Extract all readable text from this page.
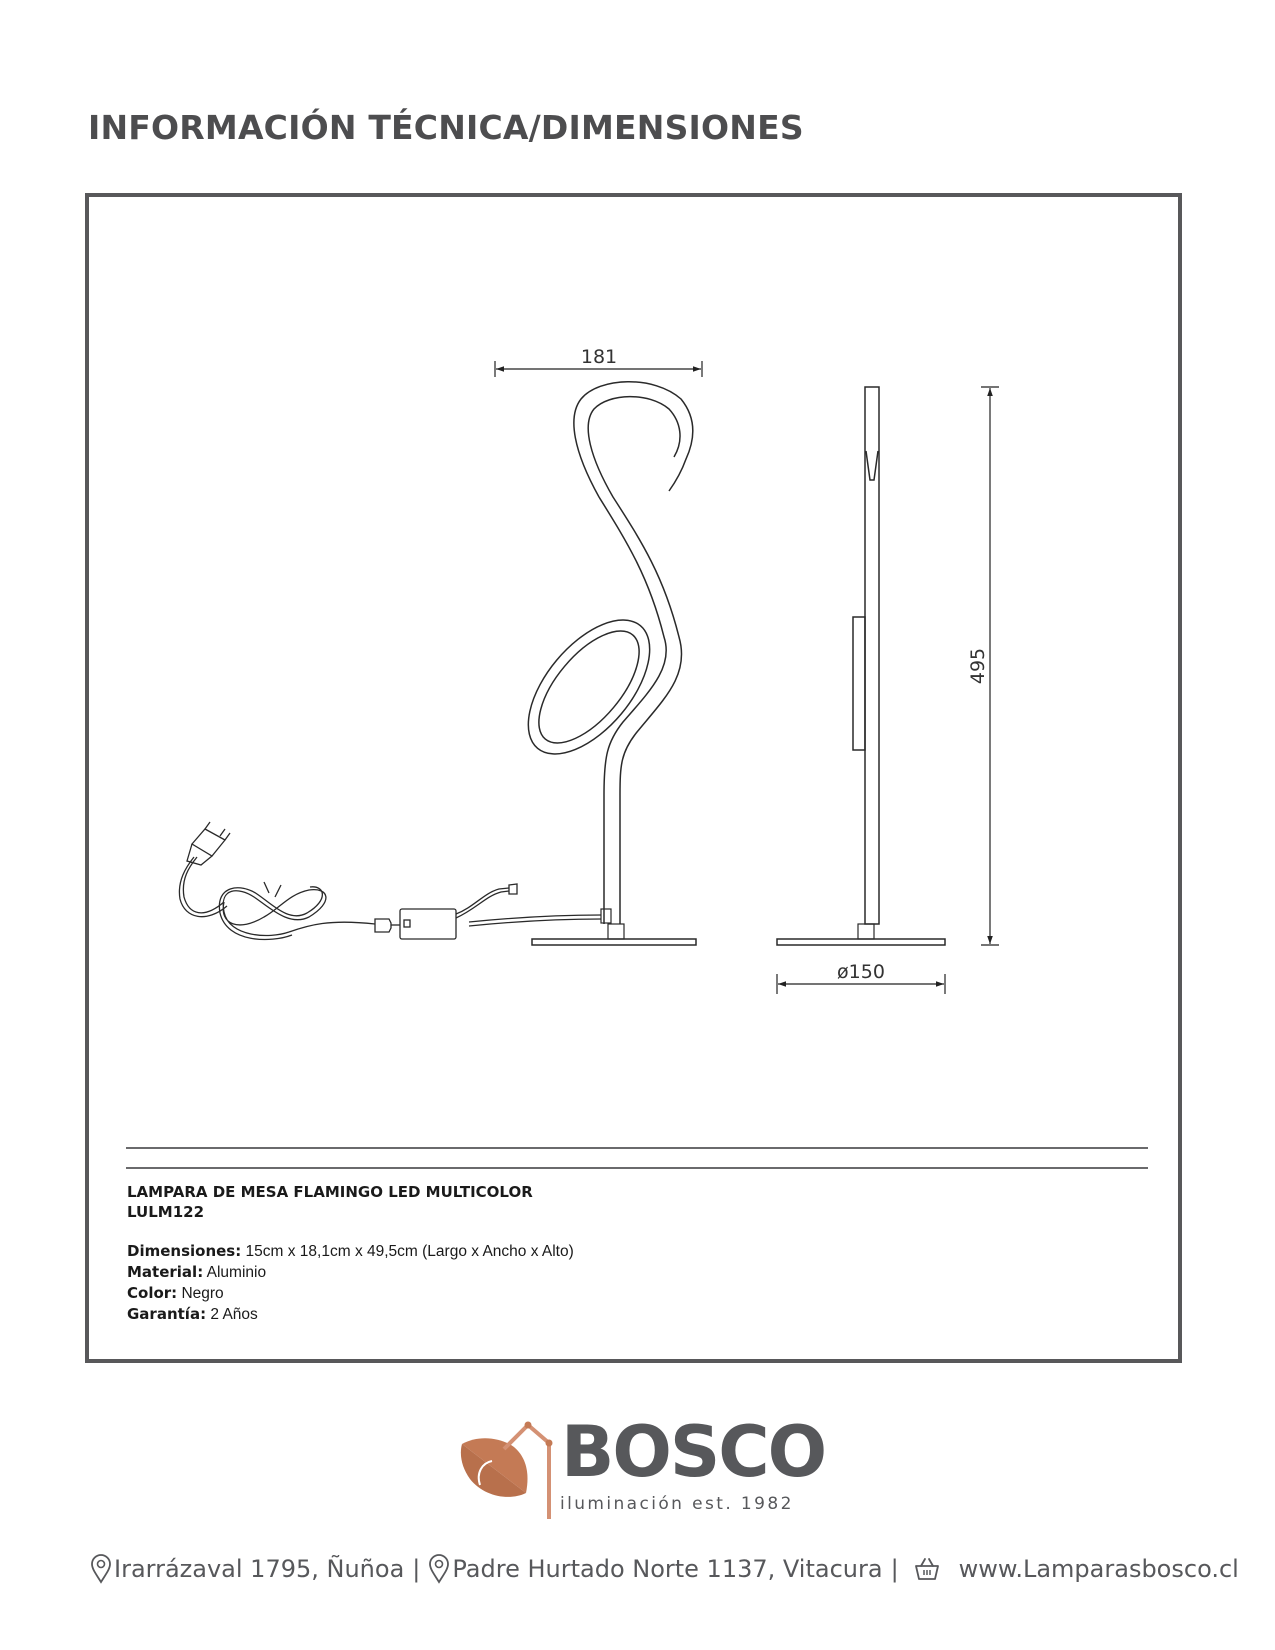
INFORMACIÓN TÉCNICA/DIMENSIONES
181
495
ø150
LAMPARA DE MESA FLAMINGO LED MULTICOLOR
LULM122
Dimensiones: 15cm x 18,1cm x 49,5cm (Largo x Ancho x Alto)
Material: Aluminio
Color: Negro
Garantía: 2 Años

BOSCO

iluminación est. 1982
Irarrázaval 1795, Ñuñoa | Padre Hurtado Norte 1137, Vitacura |	www.Lamparasbosco.cl
